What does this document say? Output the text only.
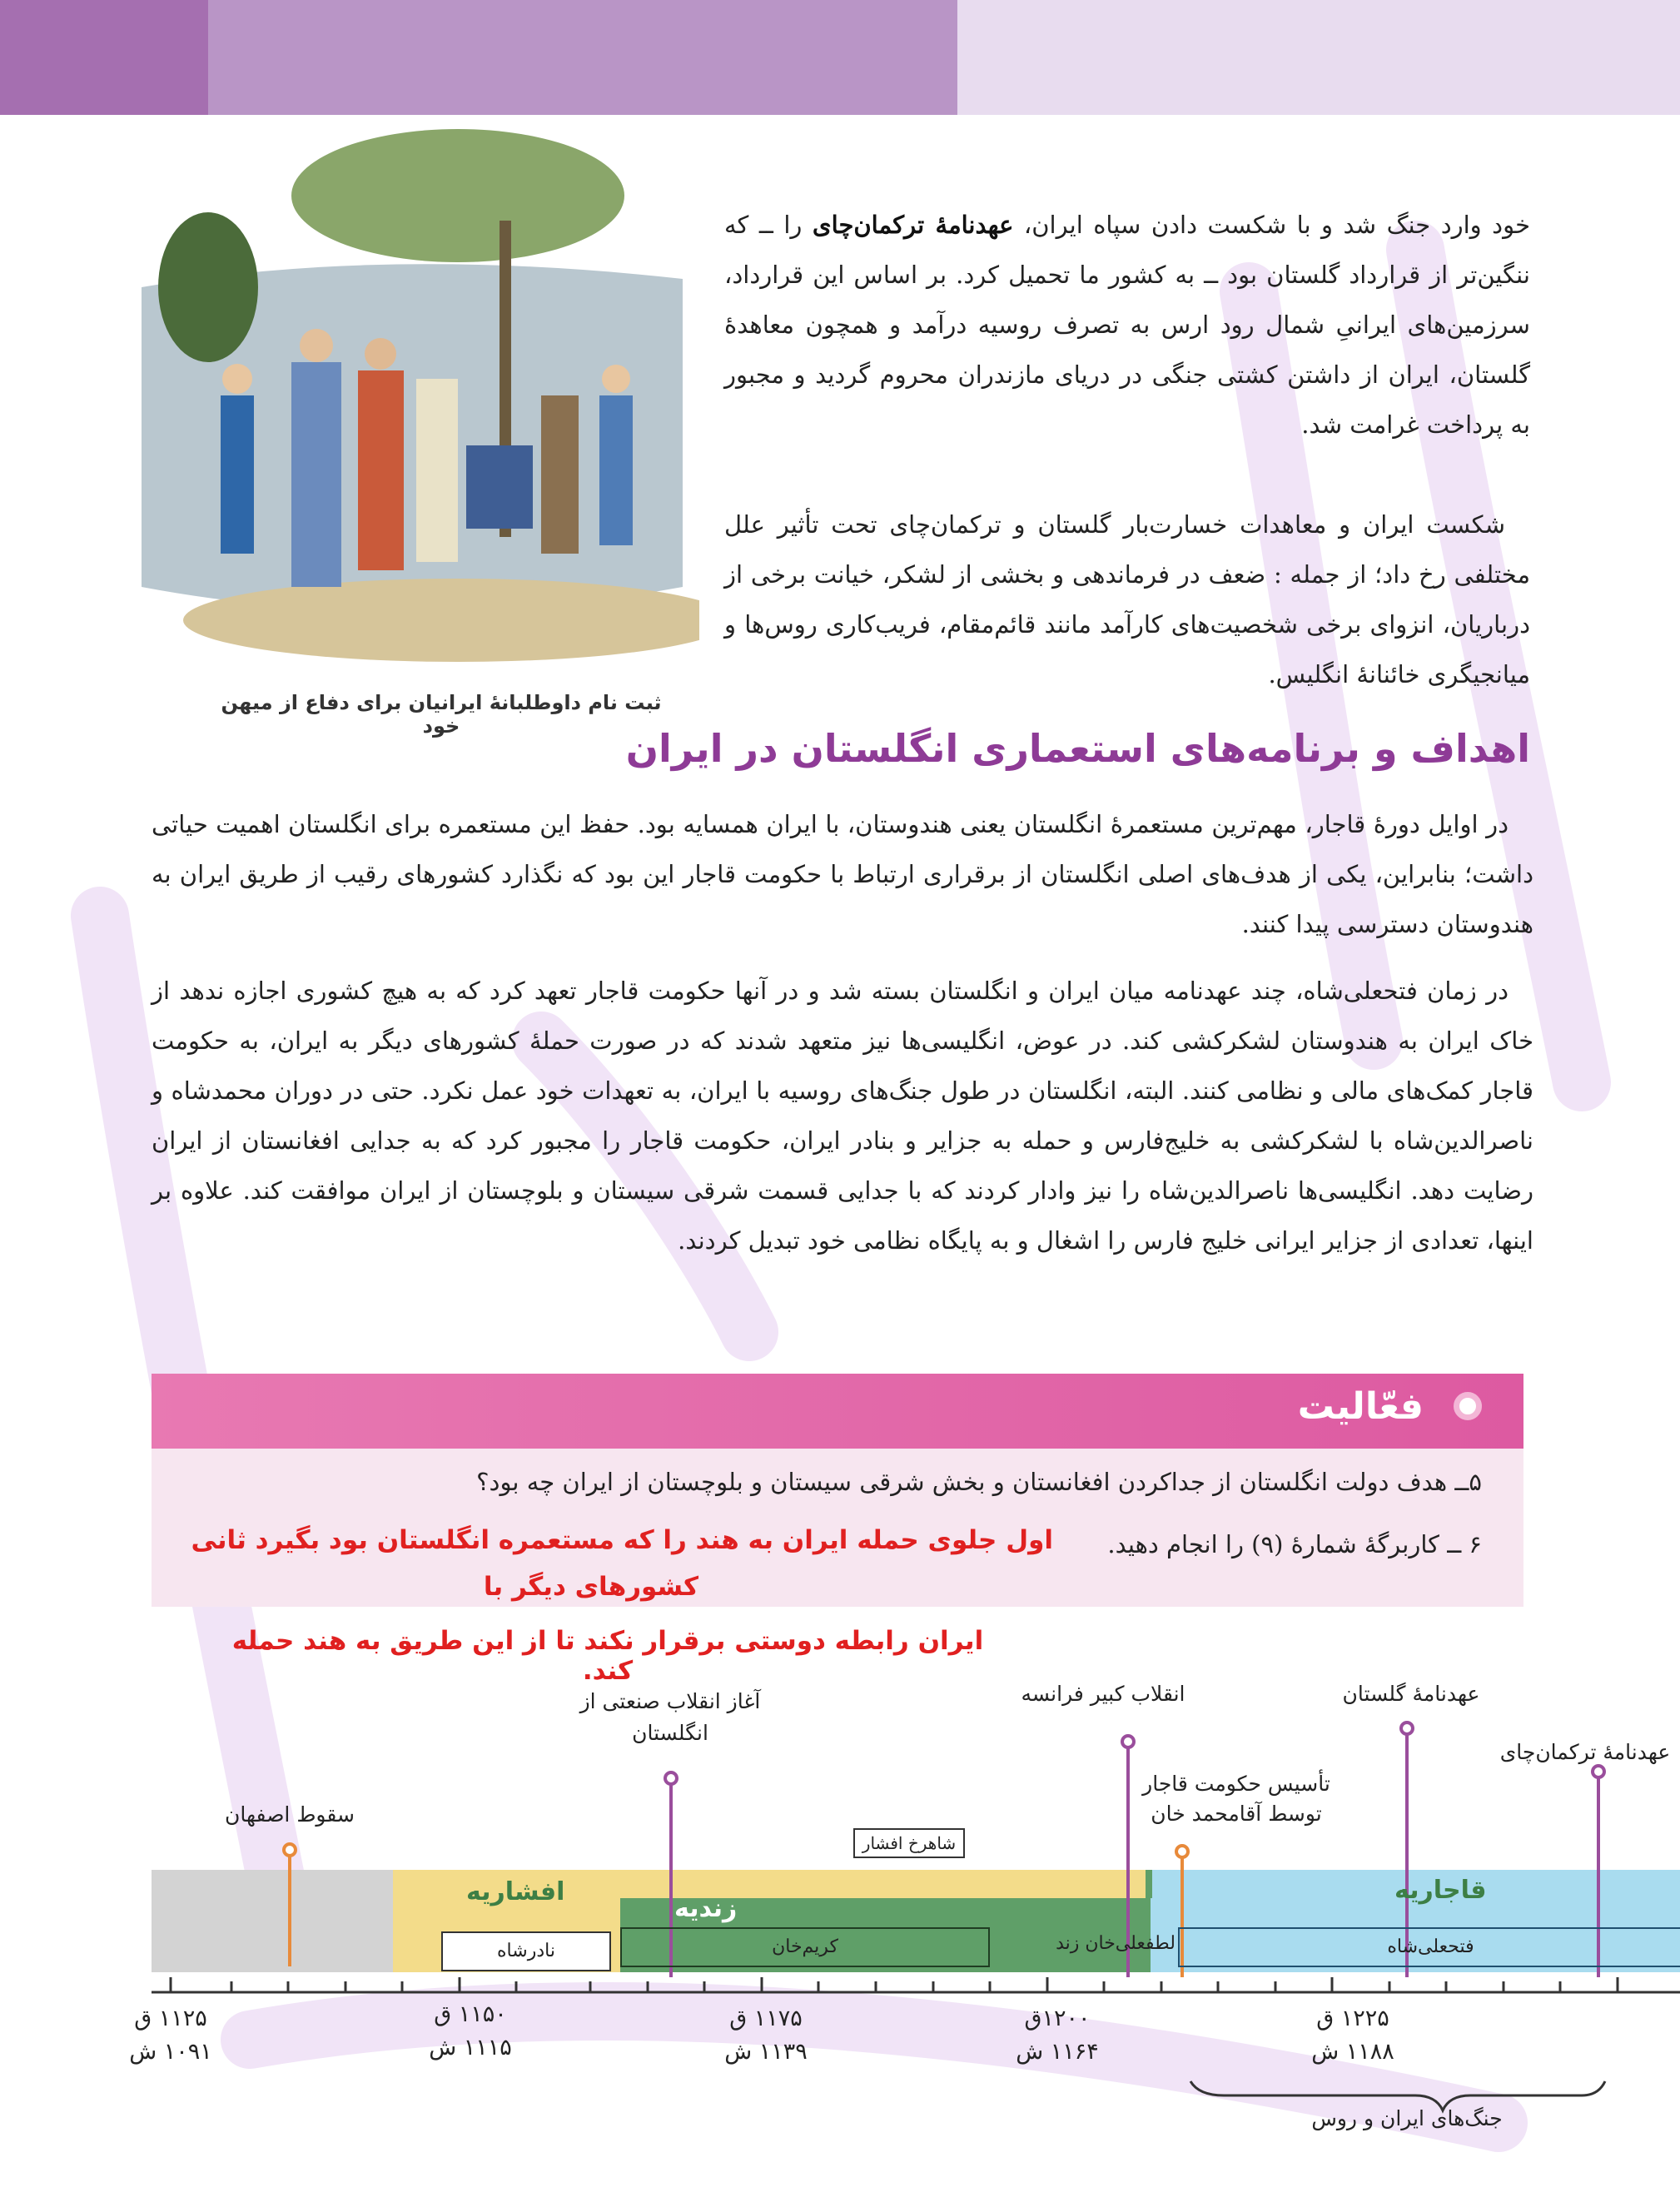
ثبت نام داوطلبانهٔ ایرانیان برای دفاع از میهن خود
خود وارد جنگ شد و با شکست دادن سپاه ایران، عهدنامهٔ ترکمان‌چای را ــ که ننگین‌تر از قرارداد گلستان بود ــ به کشور ما تحمیل کرد. بر اساس این قرارداد، سرزمین‌های ایرانیِ شمال رود ارس به تصرف روسیه درآمد و همچون معاهدهٔ گلستان، ایران از داشتن کشتی جنگی در دریای مازندران محروم گردید و مجبور به پرداخت غرامت شد.
شکست ایران و معاهدات خسارت‌بار گلستان و ترکمان‌چای تحت تأثیر علل مختلفی رخ داد؛ از جمله : ضعف در فرماندهی و بخشی از لشکر، خیانت برخی از درباریان، انزوای برخی شخصیت‌های کارآمد مانند قائم‌مقام، فریب‌کاری روس‌ها و میانجیگری خائنانهٔ انگلیس.
اهداف و برنامه‌های استعماری انگلستان در ایران
در اوایل دورهٔ قاجار، مهم‌ترین مستعمرهٔ انگلستان یعنی هندوستان، با ایران همسایه بود. حفظ این مستعمره برای انگلستان اهمیت حیاتی داشت؛ بنابراین، یکی از هدف‌های اصلی انگلستان از برقراری ارتباط با حکومت قاجار این بود که نگذارد کشورهای رقیب از طریق ایران به هندوستان دسترسی پیدا کنند.
در زمان فتحعلی‌شاه، چند عهدنامه میان ایران و انگلستان بسته شد و در آنها حکومت قاجار تعهد کرد که به هیچ کشوری اجازه ندهد از خاک ایران به هندوستان لشکرکشی کند. در عوض، انگلیسی‌ها نیز متعهد شدند که در صورت حملهٔ کشورهای دیگر به ایران، به حکومت قاجار کمک‌های مالی و نظامی کنند. البته، انگلستان در طول جنگ‌های روسیه با ایران، به تعهدات خود عمل نکرد. حتی در دوران محمدشاه و ناصرالدین‌شاه با لشکرکشی به خلیج‌فارس و حمله به جزایر و بنادر ایران، حکومت قاجار را مجبور کرد که به جدایی افغانستان از ایران رضایت دهد. انگلیسی‌ها ناصرالدین‌شاه را نیز وادار کردند که با جدایی قسمت شرقی سیستان و بلوچستان از ایران موافقت کند. علاوه بر اینها، تعدادی از جزایر ایرانی خلیج فارس را اشغال و به پایگاه نظامی خود تبدیل کردند.
فعّالیت
۵ــ هدف دولت انگلستان از جداکردن افغانستان و بخش شرقی سیستان و بلوچستان از ایران چه بود؟
۶ ــ کاربرگهٔ شمارهٔ (۹) را انجام دهید.
اول جلوی حمله ایران به هند را که مستعمره انگلستان بود بگیرد ثانی
کشورهای دیگر با
ایران رابطه دوستی برقرار نکند تا از این طریق به هند حمله کند.
سقوط اصفهان
آغاز انقلاب صنعتی از انگلستان
انقلاب کبیر فرانسه
تأسیس حکومت قاجار توسط آقامحمد خان
عهدنامهٔ گلستان
عهدنامهٔ ترکمان‌چای
افشاریه
زندیه
قاجاریه
شاهرخ افشار
نادرشاه	کریم‌خان	لطفعلی‌خان زند	فتحعلی‌شاه
۱۱۲۵ ق
۱۰۹۱ ش
۱۱۵۰ ق
۱۱۱۵ ش
۱۱۷۵ ق
۱۱۳۹ ش
۱۲۰۰ق
۱۱۶۴ ش
۱۲۲۵ ق
۱۱۸۸ ش
جنگ‌های ایران و روس
